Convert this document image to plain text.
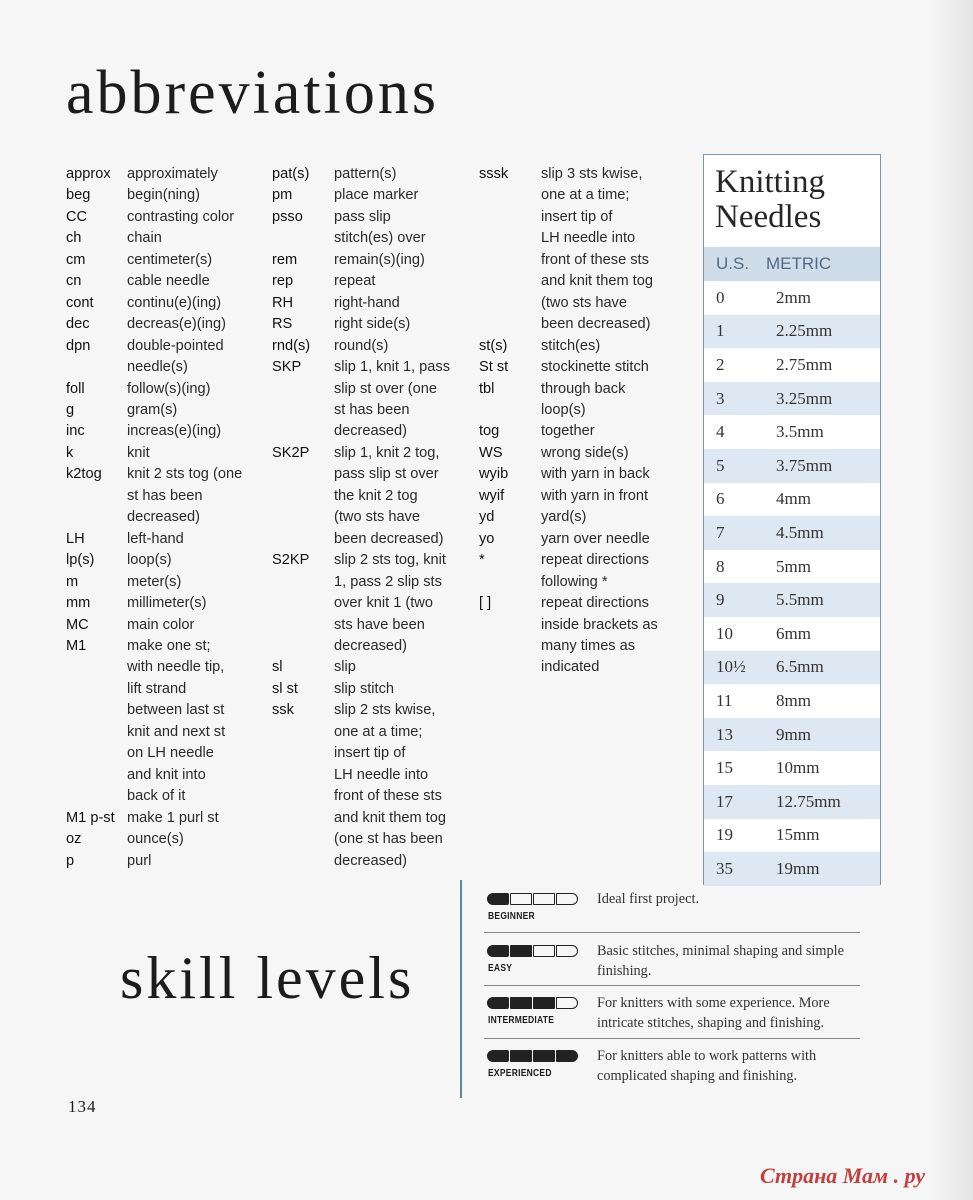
abbreviations
approx	approximately
beg	begin(ning)
CC	contrasting color
ch	chain
cm	centimeter(s)
cn	cable needle
cont	continu(e)(ing)
dec	decreas(e)(ing)
dpn	double-pointed
needle(s)
foll	follow(s)(ing)
g	gram(s)
inc	increas(e)(ing)
k	knit
k2tog	knit 2 sts tog (one
st has been
decreased)
LH	left-hand
lp(s)	loop(s)
m	meter(s)
mm	millimeter(s)
MC	main color
M1	make one st;
with needle tip,
lift strand
between last st
knit and next st
on LH needle
and knit into
back of it
M1 p-st make 1 purl st
oz	ounce(s)
p	purl
pat(s)	pattern(s)
pm	place marker
psso	pass slip
stitch(es) over
rem	remain(s)(ing)
rep	repeat
RH	right-hand
RS	right side(s)
rnd(s)	round(s)
SKP	slip 1, knit 1, pass
slip st over (one
st has been
decreased)
SK2P	slip 1, knit 2 tog,
pass slip st over
the knit 2 tog
(two sts have
been decreased)
S2KP	slip 2 sts tog, knit
1, pass 2 slip sts
over knit 1 (two
sts have been
decreased)
sl	slip
sl st	slip stitch
ssk	slip 2 sts kwise,
one at a time;
insert tip of
LH needle into
front of these sts
and knit them tog
(one st has been
decreased)
sssk	slip 3 sts kwise,
one at a time;
insert tip of
LH needle into
front of these sts
and knit them tog
(two sts have
been decreased)
st(s)	stitch(es)
St st	stockinette stitch
tbl	through back
loop(s)
tog	together
WS	wrong side(s)
wyib	with yarn in back
wyif	with yarn in front
yd	yard(s)
yo	yarn over needle
*	repeat directions
following *
[ ]	repeat directions
inside brackets as
many times as
indicated
Knitting
Needles
U.S. METRIC
0	2mm
1	2.25mm
2	2.75mm
3	3.25mm
4	3.5mm
5	3.75mm
6	4mm
7	4.5mm
8	5mm
9	5.5mm
10	6mm
10½	6.5mm
11	8mm
13	9mm
15	10mm
17	12.75mm
19	15mm
35	19mm
skill levels
BEGINNER
Ideal first project.
EASY
Basic stitches, minimal shaping and simple finishing.
INTERMEDIATE
For knitters with some experience. More intricate stitches, shaping and finishing.
EXPERIENCED
For knitters able to work patterns with complicated shaping and finishing.
134
Страна Мам . ру
